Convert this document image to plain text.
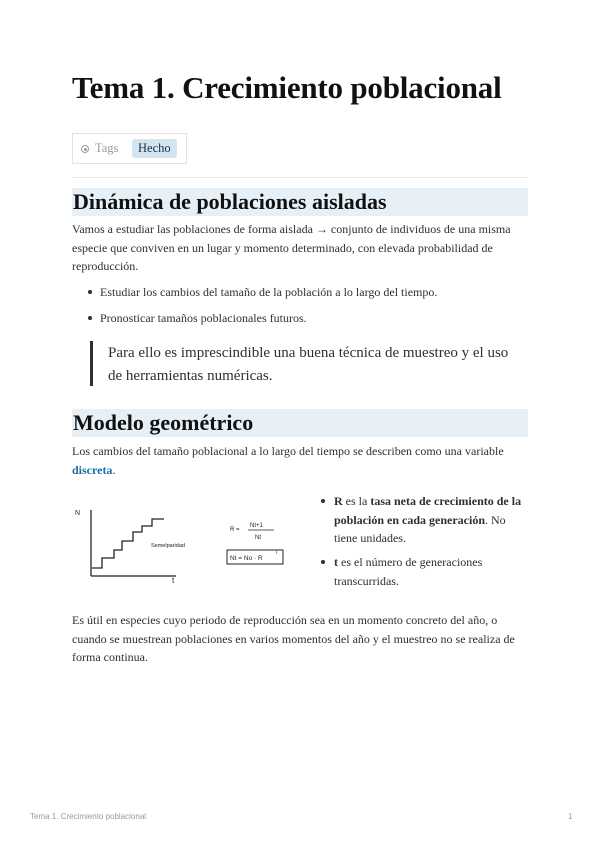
Tema 1. Crecimiento poblacional
Tags	Hecho
Dinámica de poblaciones aisladas

Vamos a estudiar las poblaciones de forma aislada → conjunto de individuos de una misma
especie que conviven en un lugar y momento determinado, con elevada probabilidad de
reproducción.

Estudiar los cambios del tamaño de la población a lo largo del tiempo.
Pronosticar tamaños poblacionales futuros.
Para ello es imprescindible una buena técnica de muestreo y el uso
de herramientas numéricas.
Modelo geométrico

Los cambios del tamaño poblacional a lo largo del tiempo se describen como una variable
discreta.

N
t
Semelparidad
R =
Nt+1
Nt
Nt = No · R
t
R es la tasa neta de crecimiento de la
población en cada generación. No
tiene unidades.
t es el número de generaciones
transcurridas.

Es útil en especies cuyo periodo de reproducción sea en un momento concreto del año, o
cuando se muestrean poblaciones en varios momentos del año y el muestreo no se realiza de
forma continua.

Tema 1. Crecimiento poblacional	1
